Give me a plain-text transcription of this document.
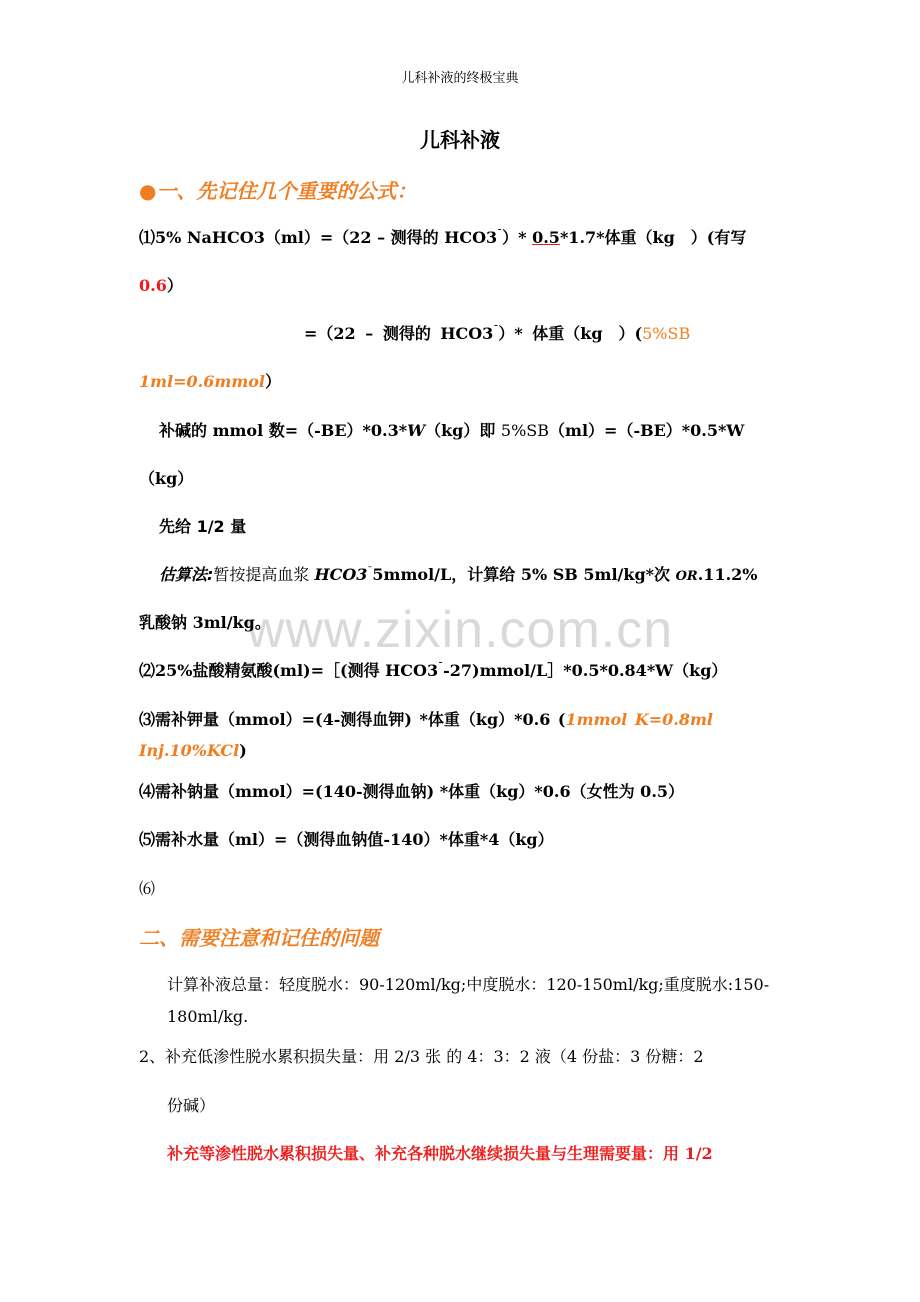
www.zixin.com.cn
儿科补液的终极宝典
儿科补液
●一、先记住几个重要的公式：
⑴5% NaHCO3（ml）=（22 – 测得的 HCO3¯）* 0.5*1.7*体重（kg　）(有写
0.6）
=（22 – 测得的 HCO3¯）* 体重（kg　）(5%SB
1ml=0.6mmol）
补碱的 mmol 数=（-BE）*0.3*W（kg）即 5%SB（ml）=（-BE）*0.5*W
（kg）
先给 1/2 量
估算法:暂按提高血浆 HCO3¯5mmol/L，计算给 5% SB 5ml/kg*次 OR.11.2%
乳酸钠 3ml/kg。
⑵25%盐酸精氨酸(ml)=［(测得 HCO3¯-27)mmol/L］*0.5*0.84*W（kg）
⑶需补钾量（mmol）=(4-测得血钾) *体重（kg）*0.6 (1mmol K=0.8ml
Inj.10%KCl)
⑷需补钠量（mmol）=(140-测得血钠) *体重（kg）*0.6（女性为 0.5）
⑸需补水量（ml）=（测得血钠值-140）*体重*4（kg）
⑹
二、需要注意和记住的问题
计算补液总量：轻度脱水：90-120ml/kg;中度脱水：120-150ml/kg;重度脱水:150-
180ml/kg.
2、补充低渗性脱水累积损失量：用 2/3 张 的 4：3：2 液（4 份盐：3 份糖：2
份碱）
补充等渗性脱水累积损失量、补充各种脱水继续损失量与生理需要量：用 1/2
